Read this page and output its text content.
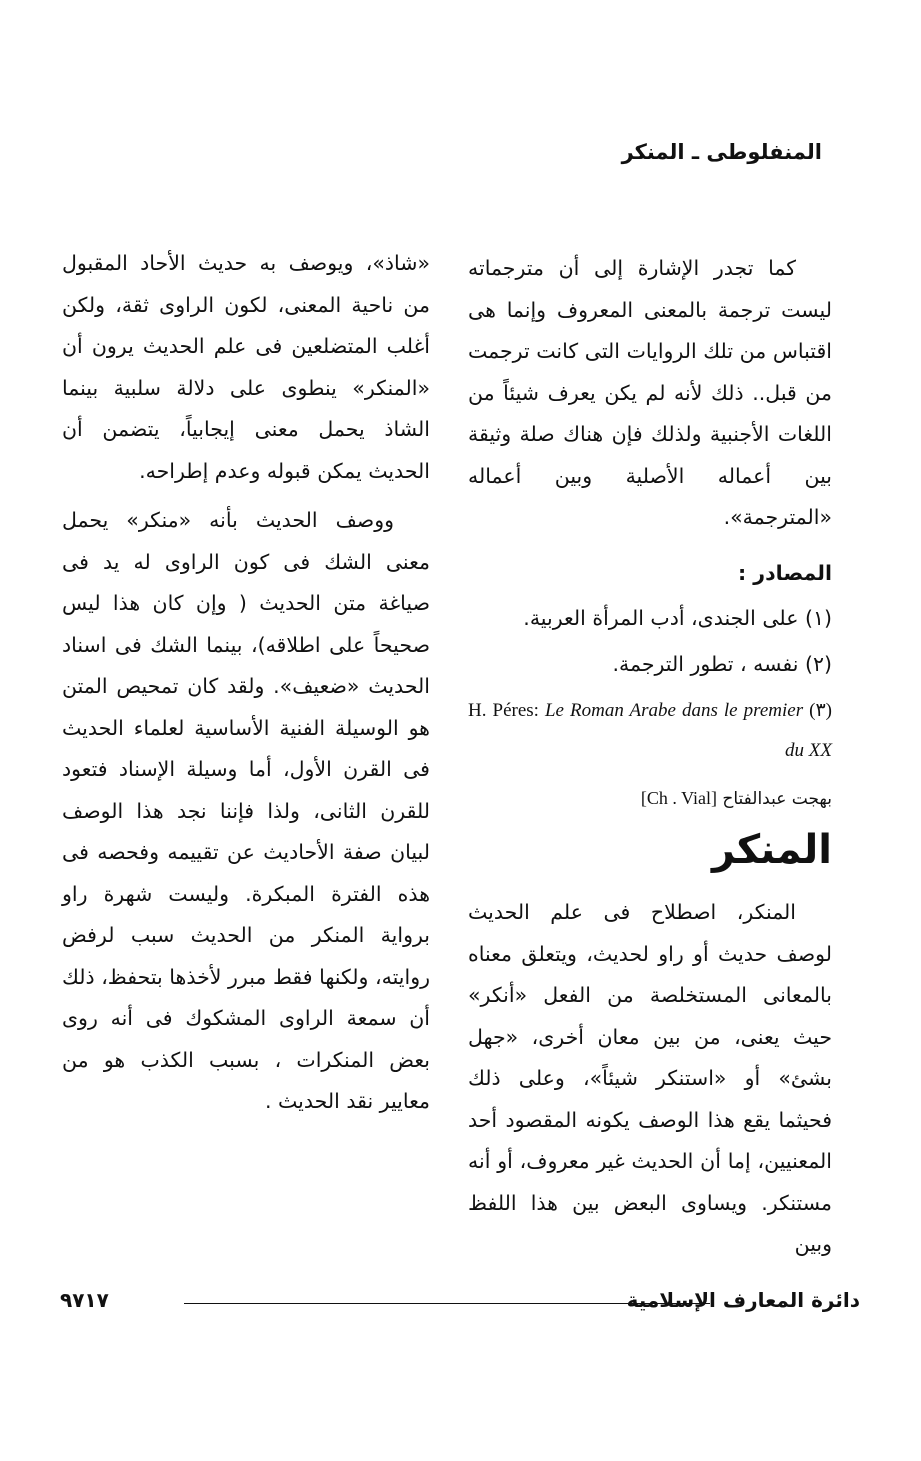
المنفلوطى ـ المنكر

كما تجدر الإشارة إلى أن مترجماته ليست ترجمة بالمعنى المعروف وإنما هى اقتباس من تلك الروايات التى كانت ترجمت من قبل.. ذلك لأنه لم يكن يعرف شيئاً من اللغات الأجنبية ولذلك فإن هناك صلة وثيقة بين أعماله الأصلية وبين أعماله «المترجمة».

المصادر :

(١) على الجندى، أدب المرأة العربية.

(٢) نفسه ، تطور الترجمة.

(٣) H. Péres: Le Roman Arabe dans le premier du XX

بهجت عبدالفتاح [Ch . Vial]

المنكر

المنكر، اصطلاح فى علم الحديث لوصف حديث أو راو لحديث، ويتعلق معناه بالمعانى المستخلصة من الفعل «أنكر» حيث يعنى، من بين معان أخرى، «جهل بشئ» أو «استنكر شيئاً»، وعلى ذلك فحيثما يقع هذا الوصف يكونه المقصود أحد المعنيين، إما أن الحديث غير معروف، أو أنه مستنكر. ويساوى البعض بين هذا اللفظ وبين

«شاذ»، ويوصف به حديث الأحاد المقبول من ناحية المعنى، لكون الراوى ثقة، ولكن أغلب المتضلعين فى علم الحديث يرون أن «المنكر» ينطوى على دلالة سلبية بينما الشاذ يحمل معنى إيجابياً، يتضمن أن الحديث يمكن قبوله وعدم إطراحه.

ووصف الحديث بأنه «منكر» يحمل معنى الشك فى كون الراوى له يد فى صياغة متن الحديث ( وإن كان هذا ليس صحيحاً على اطلاقه)، بينما الشك فى اسناد الحديث «ضعيف». ولقد كان تمحيص المتن هو الوسيلة الفنية الأساسية لعلماء الحديث فى القرن الأول، أما وسيلة الإسناد فتعود للقرن الثانى، ولذا فإننا نجد هذا الوصف لبيان صفة الأحاديث عن تقييمه وفحصه فى هذه الفترة المبكرة. وليست شهرة راو برواية المنكر من الحديث سبب لرفض روايته، ولكنها فقط مبرر لأخذها بتحفظ، ذلك أن سمعة الراوى المشكوك فى أنه روى بعض المنكرات ، بسبب الكذب هو من معايير نقد الحديث .

دائرة المعارف الإسلامية
٩٧١٧
